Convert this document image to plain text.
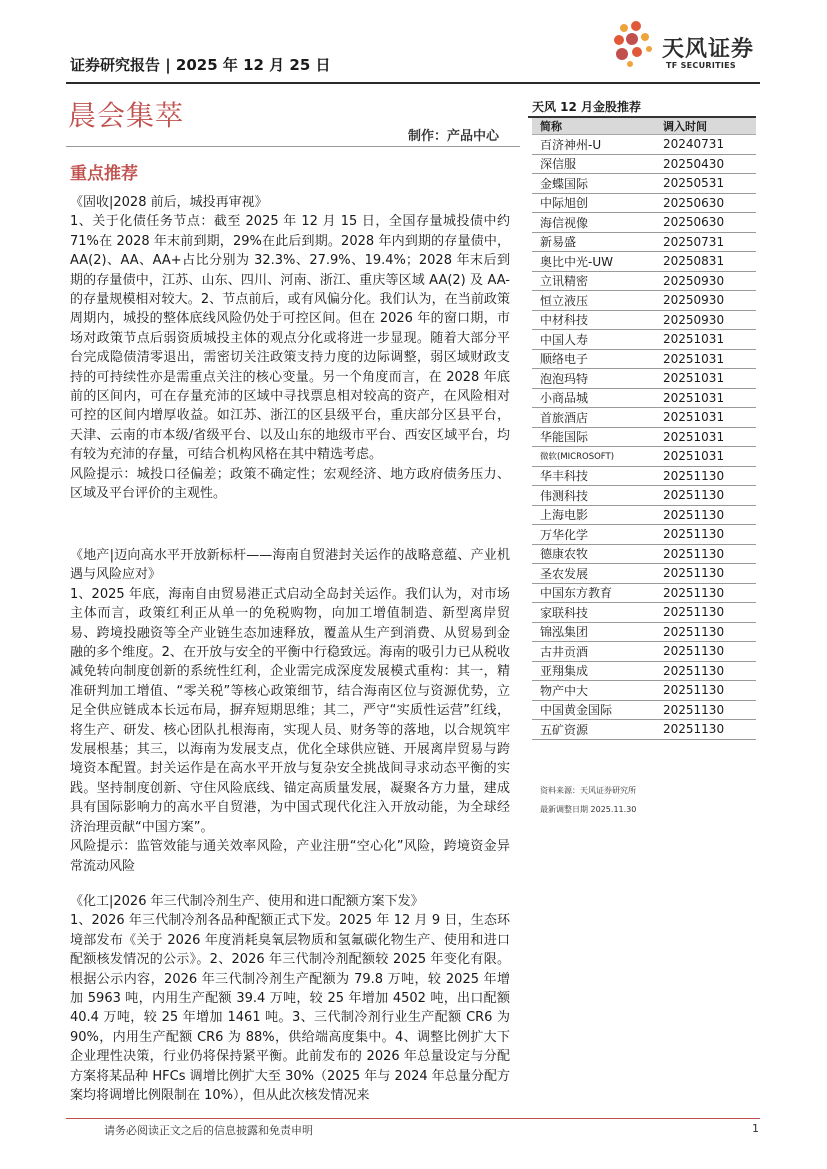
证券研究报告 | 2025 年 12 月 25 日
天风证券
TF SECURITIES
晨会集萃
制作：产品中心
重点推荐

《固收|2028 前后，城投再审视》

1、关于化债任务节点：截至 2025 年 12 月 15 日，全国存量城投债中约 71%在 2028 年末前到期，29%在此后到期。2028 年内到期的存量债中，AA(2)、AA、AA+占比分别为 32.3%、27.9%、19.4%；2028 年末后到期的存量债中，江苏、山东、四川、河南、浙江、重庆等区域 AA(2) 及 AA-的存量规模相对较大。2、节点前后，或有风偏分化。我们认为，在当前政策周期内，城投的整体底线风险仍处于可控区间。但在 2026 年的窗口期，市场对政策节点后弱资质城投主体的观点分化或将进一步显现。随着大部分平台完成隐债清零退出，需密切关注政策支持力度的边际调整，弱区域财政支持的可持续性亦是需重点关注的核心变量。另一个角度而言，在 2028 年底前的区间内，可在存量充沛的区域中寻找票息相对较高的资产，在风险相对可控的区间内增厚收益。如江苏、浙江的区县级平台，重庆部分区县平台，天津、云南的市本级/省级平台、以及山东的地级市平台、西安区域平台，均有较为充沛的存量，可结合机构风格在其中精选考虑。

风险提示：城投口径偏差；政策不确定性；宏观经济、地方政府债务压力、区域及平台评价的主观性。

《地产|迈向高水平开放新标杆——海南自贸港封关运作的战略意蕴、产业机遇与风险应对》

1、2025 年底，海南自由贸易港正式启动全岛封关运作。我们认为，对市场主体而言，政策红利正从单一的免税购物，向加工增值制造、新型离岸贸易、跨境投融资等全产业链生态加速释放，覆盖从生产到消费、从贸易到金融的多个维度。2、在开放与安全的平衡中行稳致远。海南的吸引力已从税收减免转向制度创新的系统性红利，企业需完成深度发展模式重构：其一，精准研判加工增值、“零关税”等核心政策细节，结合海南区位与资源优势，立足全供应链成本长远布局，摒弃短期思维；其二，严守“实质性运营”红线，将生产、研发、核心团队扎根海南，实现人员、财务等的落地，以合规筑牢发展根基；其三，以海南为发展支点，优化全球供应链、开展离岸贸易与跨境资本配置。封关运作是在高水平开放与复杂安全挑战间寻求动态平衡的实践。坚持制度创新、守住风险底线、锚定高质量发展，凝聚各方力量，建成具有国际影响力的高水平自贸港，为中国式现代化注入开放动能，为全球经济治理贡献“中国方案”。

风险提示：监管效能与通关效率风险，产业注册“空心化”风险，跨境资金异常流动风险

《化工|2026 年三代制冷剂生产、使用和进口配额方案下发》

1、2026 年三代制冷剂各品种配额正式下发。2025 年 12 月 9 日，生态环境部发布《关于 2026 年度消耗臭氧层物质和氢氟碳化物生产、使用和进口配额核发情况的公示》。2、2026 年三代制冷剂配额较 2025 年变化有限。根据公示内容，2026 年三代制冷剂生产配额为 79.8 万吨，较 2025 年增加 5963 吨，内用生产配额 39.4 万吨，较 25 年增加 4502 吨，出口配额 40.4 万吨，较 25 年增加 1461 吨。3、三代制冷剂行业生产配额 CR6 为 90%，内用生产配额 CR6 为 88%，供给端高度集中。4、调整比例扩大下企业理性决策，行业仍将保持紧平衡。此前发布的 2026 年总量设定与分配方案将某品种 HFCs 调增比例扩大至 30%（2025 年与 2024 年总量分配方案均将调增比例限制在 10%），但从此次核发情况来

天风 12 月金股推荐
简称	调入时间
百济神州-U	20240731
深信服	20250430
金蝶国际	20250531
中际旭创	20250630
海信视像	20250630
新易盛	20250731
奥比中光-UW	20250831
立讯精密	20250930
恒立液压	20250930
中材科技	20250930
中国人寿	20251031
顺络电子	20251031
泡泡玛特	20251031
小商品城	20251031
首旅酒店	20251031
华能国际	20251031
微软(MICROSOFT)	20251031
华丰科技	20251130
伟测科技	20251130
上海电影	20251130
万华化学	20251130
德康农牧	20251130
圣农发展	20251130
中国东方教育	20251130
家联科技	20251130
锦泓集团	20251130
古井贡酒	20251130
亚翔集成	20251130
物产中大	20251130
中国黄金国际	20251130
五矿资源	20251130
资料来源：天风证券研究所
最新调整日期 2025.11.30
请务必阅读正文之后的信息披露和免责申明	1
